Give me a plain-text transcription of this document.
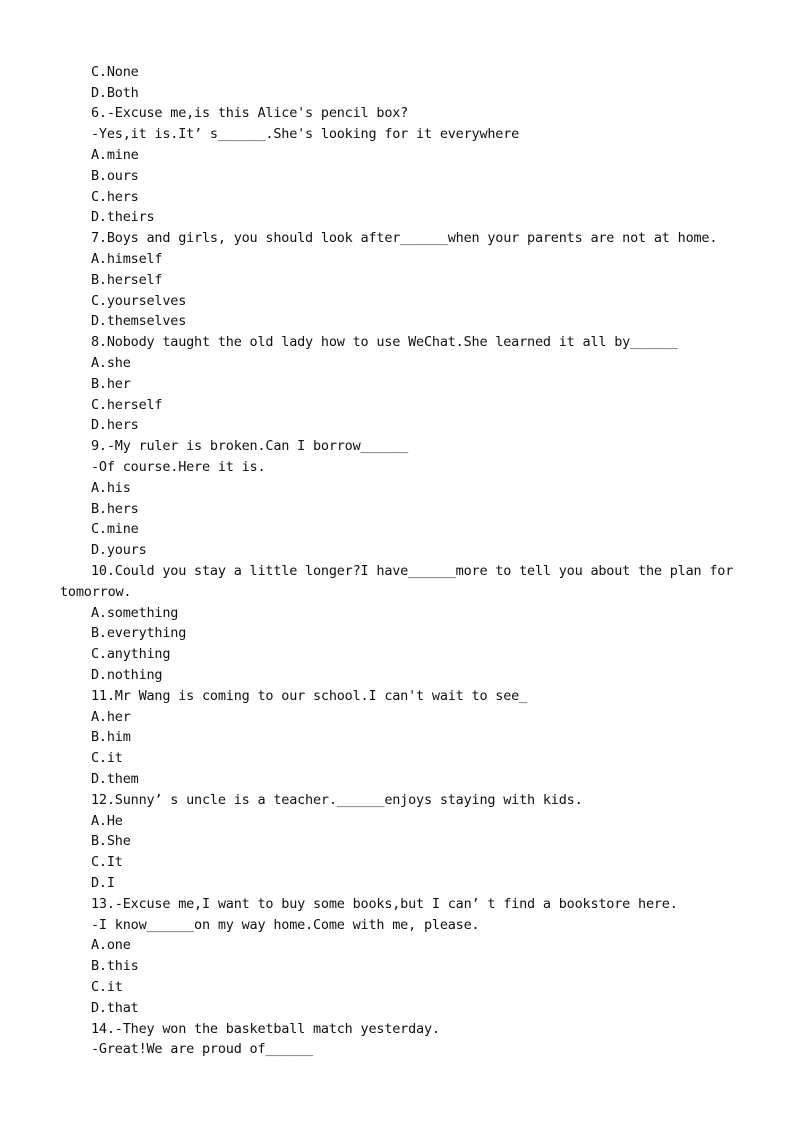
C.None
D.Both
6.-Excuse me,is this Alice's pencil box?
-Yes,it is.It’ s______.She's looking for it everywhere
A.mine
B.ours
C.hers
D.theirs
7.Boys and girls, you should look after______when your parents are not at home.
A.himself
B.herself
C.yourselves
D.themselves
8.Nobody taught the old lady how to use WeChat.She learned it all by______
A.she
B.her
C.herself
D.hers
9.-My ruler is broken.Can I borrow______
-Of course.Here it is.
A.his
B.hers
C.mine
D.yours
10.Could you stay a little longer?I have______more to tell you about the plan for
tomorrow.
A.something
B.everything
C.anything
D.nothing
11.Mr Wang is coming to our school.I can't wait to see_
A.her
B.him
C.it
D.them
12.Sunny’ s uncle is a teacher.______enjoys staying with kids.
A.He
B.She
C.It
D.I
13.-Excuse me,I want to buy some books,but I can’ t find a bookstore here.
-I know______on my way home.Come with me, please.
A.one
B.this
C.it
D.that
14.-They won the basketball match yesterday.
-Great!We are proud of______
